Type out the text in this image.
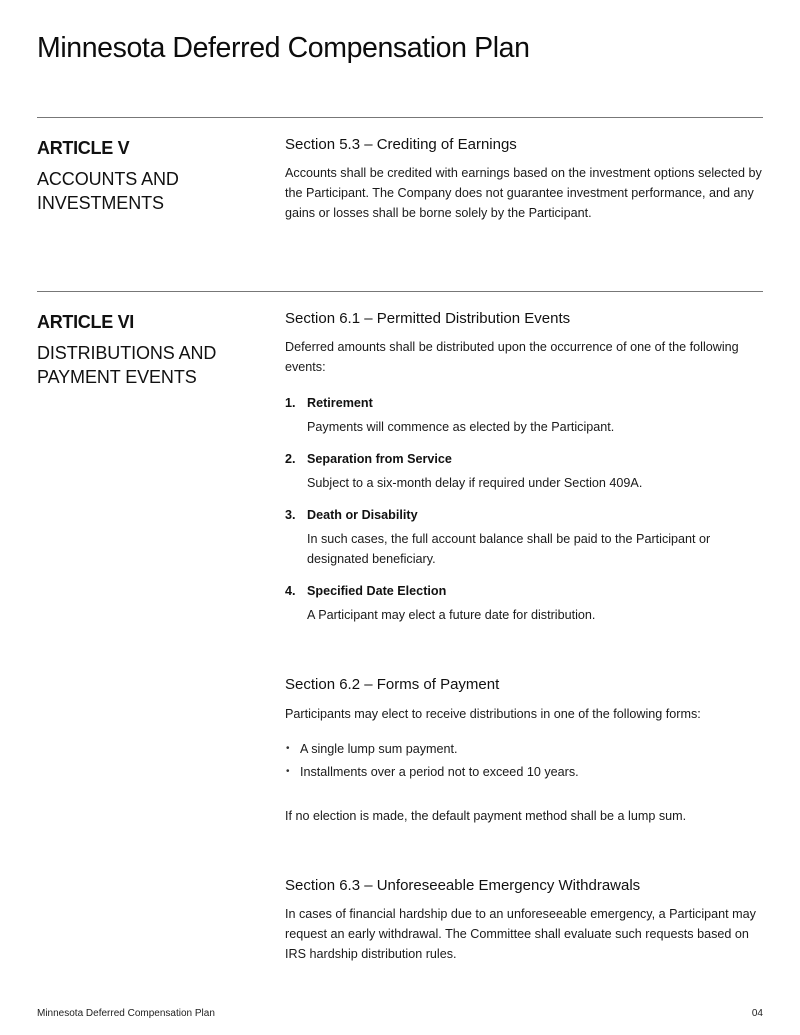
Minnesota Deferred Compensation Plan
ARTICLE V
ACCOUNTS AND
INVESTMENTS
Section 5.3 – Crediting of Earnings

Accounts shall be credited with earnings based on the investment options selected by the Participant. The Company does not guarantee investment performance, and any gains or losses shall be borne solely by the Participant.

ARTICLE VI
DISTRIBUTIONS AND
PAYMENT EVENTS
Section 6.1 – Permitted Distribution Events

Deferred amounts shall be distributed upon the occurrence of one of the following events:

1. Retirement
Payments will commence as elected by the Participant.
2. Separation from Service
Subject to a six-month delay if required under Section 409A.
3. Death or Disability
In such cases, the full account balance shall be paid to the Participant or designated beneficiary.
4. Specified Date Election
A Participant may elect a future date for distribution.
Section 6.2 – Forms of Payment

Participants may elect to receive distributions in one of the following forms:

• A single lump sum payment.
• Installments over a period not to exceed 10 years.

If no election is made, the default payment method shall be a lump sum.

Section 6.3 – Unforeseeable Emergency Withdrawals

In cases of financial hardship due to an unforeseeable emergency, a Participant may request an early withdrawal. The Committee shall evaluate such requests based on IRS hardship distribution rules.

Minnesota Deferred Compensation Plan	04
